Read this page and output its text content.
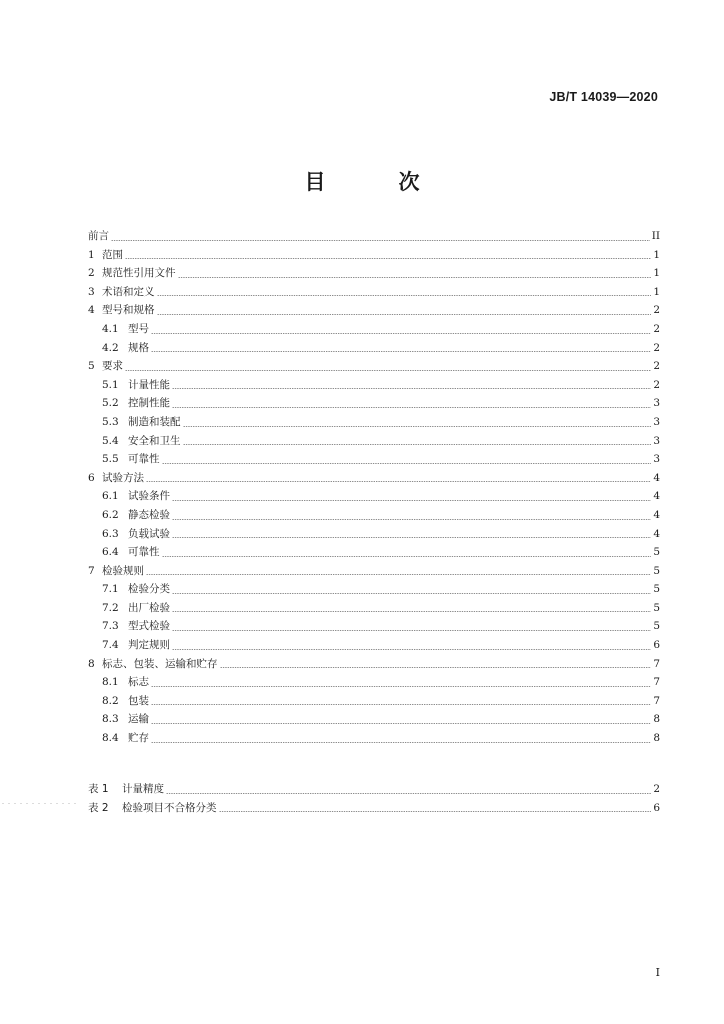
JB/T 14039—2020
目　次
前言	II
1 范围	1
2 规范性引用文件	1
3 术语和定义	1
4 型号和规格	2
4.1 型号	2
4.2 规格	2
5 要求	2
5.1 计量性能	2
5.2 控制性能	3
5.3 制造和装配	3
5.4 安全和卫生	3
5.5 可靠性	3
6 试验方法	4
6.1 试验条件	4
6.2 静态检验	4
6.3 负载试验	4
6.4 可靠性	5
7 检验规则	5
7.1 检验分类	5
7.2 出厂检验	5
7.3 型式检验	5
7.4 判定规则	6
8 标志、包装、运输和贮存	7
8.1 标志	7
8.2 包装	7
8.3 运输	8
8.4 贮存	8
表 1	计量精度	2
表 2	检验项目不合格分类	6
I
